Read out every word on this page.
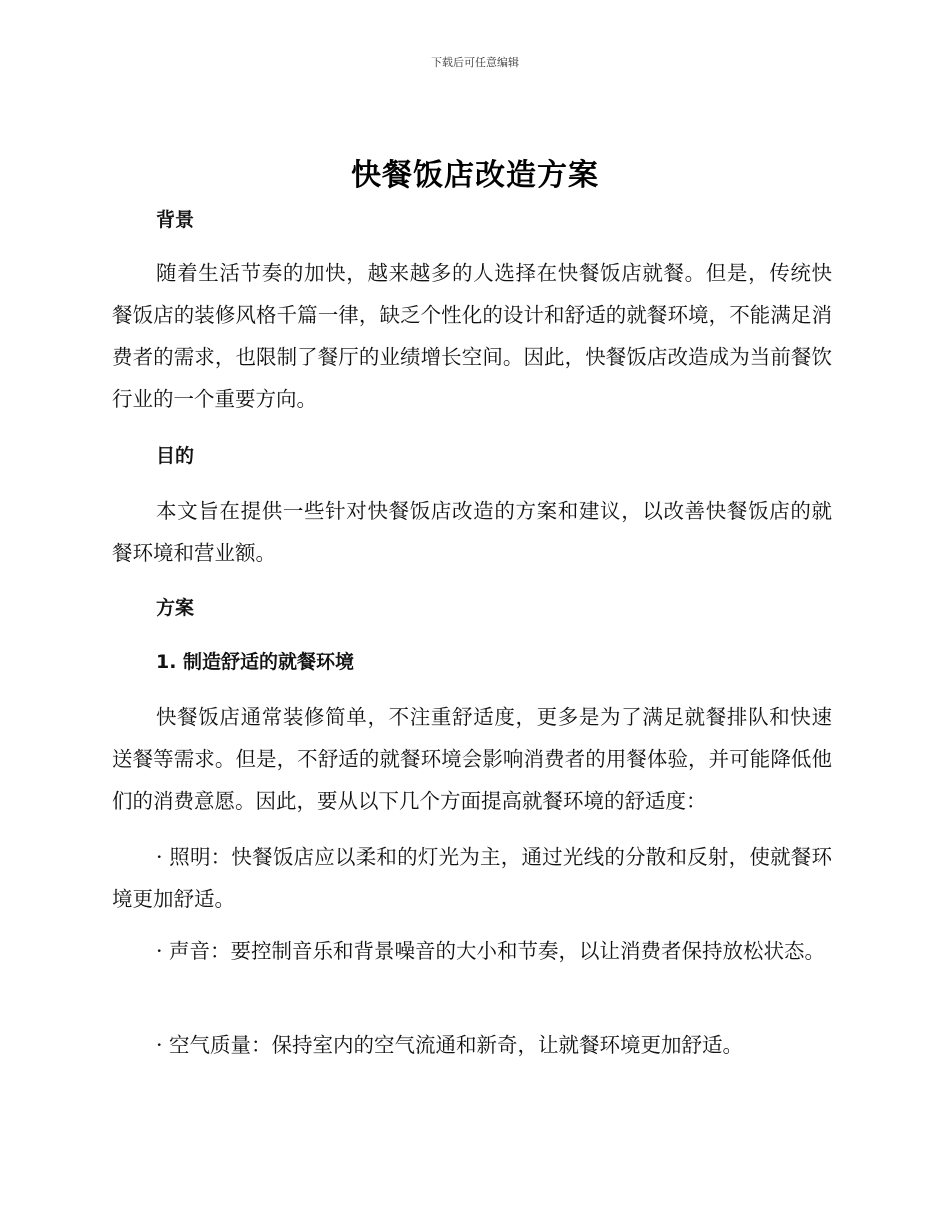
下载后可任意编辑
快餐饭店改造方案
背景

随着生活节奏的加快，越来越多的人选择在快餐饭店就餐。但是，传统快餐饭店的装修风格千篇一律，缺乏个性化的设计和舒适的就餐环境，不能满足消费者的需求，也限制了餐厅的业绩增长空间。因此，快餐饭店改造成为当前餐饮行业的一个重要方向。

目的

本文旨在提供一些针对快餐饭店改造的方案和建议，以改善快餐饭店的就餐环境和营业额。

方案
1. 制造舒适的就餐环境

快餐饭店通常装修简单，不注重舒适度，更多是为了满足就餐排队和快速送餐等需求。但是，不舒适的就餐环境会影响消费者的用餐体验，并可能降低他们的消费意愿。因此，要从以下几个方面提高就餐环境的舒适度：

· 照明：快餐饭店应以柔和的灯光为主，通过光线的分散和反射，使就餐环境更加舒适。

· 声音：要控制音乐和背景噪音的大小和节奏，以让消费者保持放松状态。

· 空气质量：保持室内的空气流通和新奇，让就餐环境更加舒适。
